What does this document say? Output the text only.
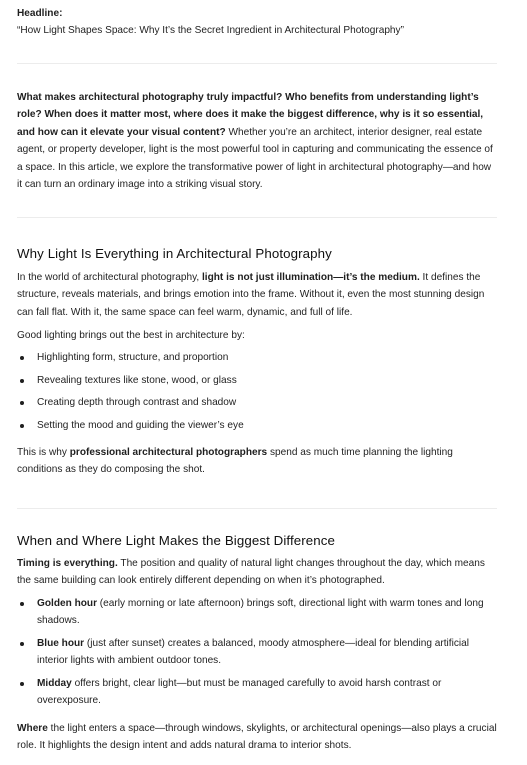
Headline:
“How Light Shapes Space: Why It’s the Secret Ingredient in Architectural Photography”

What makes architectural photography truly impactful? Who benefits from understanding light’s role? When does it matter most, where does it make the biggest difference, why is it so essential, and how can it elevate your visual content? Whether you’re an architect, interior designer, real estate agent, or property developer, light is the most powerful tool in capturing and communicating the essence of a space. In this article, we explore the transformative power of light in architectural photography—and how it can turn an ordinary image into a striking visual story.

Why Light Is Everything in Architectural Photography

In the world of architectural photography, light is not just illumination—it’s the medium. It defines the structure, reveals materials, and brings emotion into the frame. Without it, even the most stunning design can fall flat. With it, the same space can feel warm, dynamic, and full of life.

Good lighting brings out the best in architecture by:

Highlighting form, structure, and proportion
Revealing textures like stone, wood, or glass
Creating depth through contrast and shadow
Setting the mood and guiding the viewer’s eye

This is why professional architectural photographers spend as much time planning the lighting conditions as they do composing the shot.

When and Where Light Makes the Biggest Difference

Timing is everything. The position and quality of natural light changes throughout the day, which means the same building can look entirely different depending on when it’s photographed.

Golden hour (early morning or late afternoon) brings soft, directional light with warm tones and long shadows.
Blue hour (just after sunset) creates a balanced, moody atmosphere—ideal for blending artificial interior lights with ambient outdoor tones.
Midday offers bright, clear light—but must be managed carefully to avoid harsh contrast or overexposure.

Where the light enters a space—through windows, skylights, or architectural openings—also plays a crucial role. It highlights the design intent and adds natural drama to interior shots.
